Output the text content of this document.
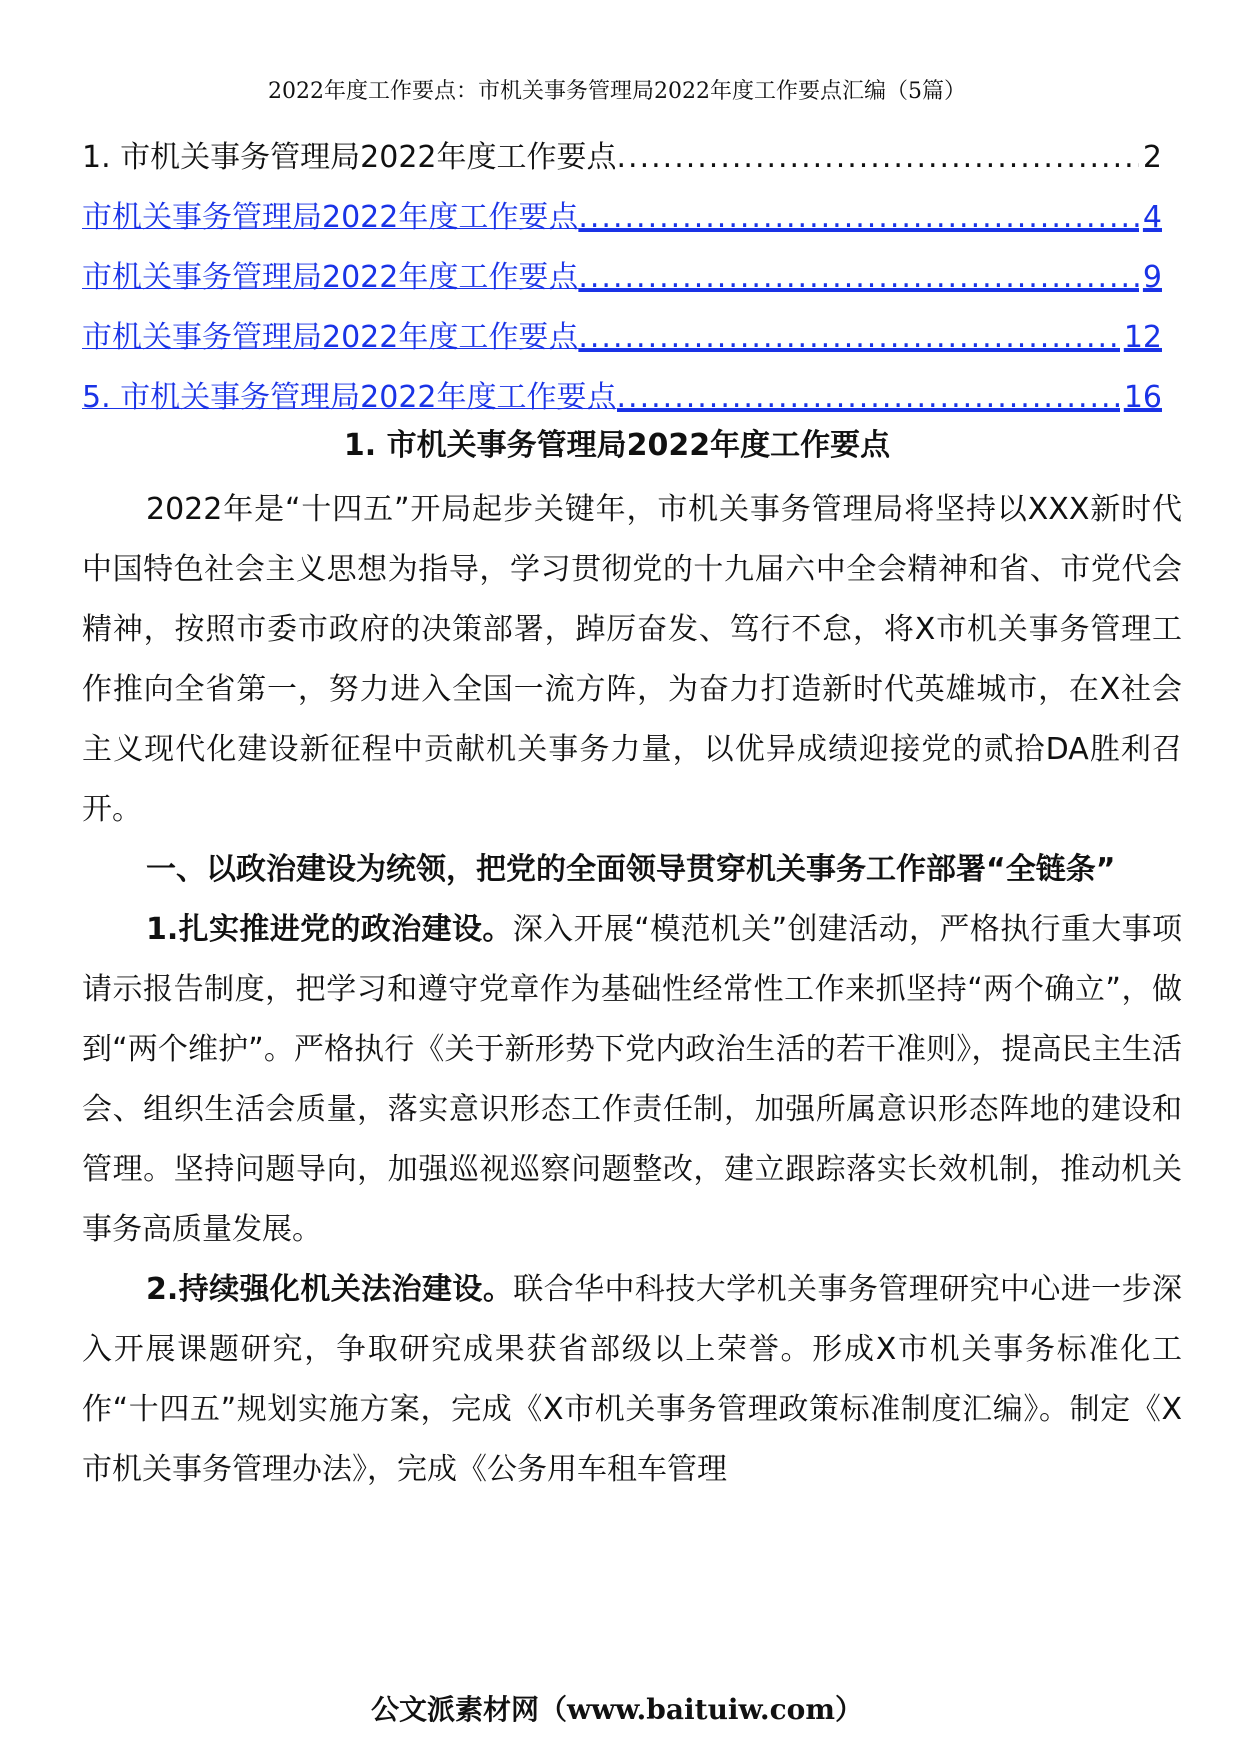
2022年度工作要点：市机关事务管理局2022年度工作要点汇编（5篇）
1. 市机关事务管理局2022年度工作要点 .....	2
市机关事务管理局2022年度工作要点 .....	4
市机关事务管理局2022年度工作要点 .....	9
市机关事务管理局2022年度工作要点 .....	12
5. 市机关事务管理局2022年度工作要点 .....	16
1. 市机关事务管理局2022年度工作要点

2022年是“十四五”开局起步关键年，市机关事务管理局将坚持以XXX新时代中国特色社会主义思想为指导，学习贯彻党的十九届六中全会精神和省、市党代会精神，按照市委市政府的决策部署，踔厉奋发、笃行不怠，将X市机关事务管理工作推向全省第一，努力进入全国一流方阵，为奋力打造新时代英雄城市，在X社会主义现代化建设新征程中贡献机关事务力量，以优异成绩迎接党的贰拾DA胜利召开。

一、以政治建设为统领，把党的全面领导贯穿机关事务工作部署“全链条”

1.扎实推进党的政治建设。深入开展“模范机关”创建活动，严格执行重大事项请示报告制度，把学习和遵守党章作为基础性经常性工作来抓坚持“两个确立”，做到“两个维护”。严格执行《关于新形势下党内政治生活的若干准则》，提高民主生活会、组织生活会质量，落实意识形态工作责任制，加强所属意识形态阵地的建设和管理。坚持问题导向，加强巡视巡察问题整改，建立跟踪落实长效机制，推动机关事务高质量发展。

2.持续强化机关法治建设。联合华中科技大学机关事务管理研究中心进一步深入开展课题研究，争取研究成果获省部级以上荣誉。形成X市机关事务标准化工作“十四五”规划实施方案，完成《X市机关事务管理政策标准制度汇编》。制定《X市机关事务管理办法》，完成《公务用车租车管理

公文派素材网（www.baituiw.com）
